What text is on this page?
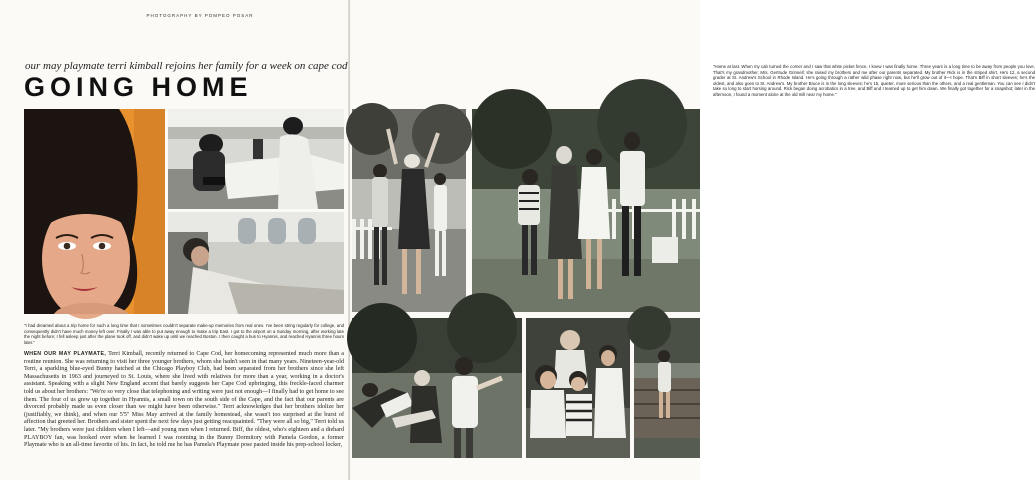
PHOTOGRAPHY BY POMPEO POSAR
our may playmate terri kimball rejoins her family for a week on cape cod
GOING HOME

"I had dreamed about a trip home for such a long time that I sometimes couldn't separate make-up memories from real ones. I've been string regularly for college, and consequently didn't have much money left over. Finally I was able to put away enough to make a trip East. I got to the airport on a Sunday morning, after working late the night before; I fell asleep just after the plane took off, and didn't wake up until we reached Boston. I then caught a bus to Hyannis, and reached Hyannis three hours later."

WHEN OUR MAY PLAYMATE, Terri Kimball, recently returned to Cape Cod, her homecoming represented much more than a routine reunion. She was returning to visit her three younger brothers, whom she hadn't seen in that many years. Nineteen-year-old Terri, a sparkling blue-eyed Bunny hatched at the Chicago Playboy Club, had been separated from her brothers since she left Massachusetts in 1963 and journeyed to St. Louis, where she lived with relatives for more than a year, working in a doctor's assistant. Speaking with a slight New England accent that barely suggests her Cape Cod upbringing, this freckle-faced charmer told us about her brothers: "We're so very close that telephoning and writing were just not enough—I finally had to get home to see them. The four of us grew up together in Hyannis, a small town on the south side of the Cape, and the fact that our parents are divorced probably made us even closer than we might have been otherwise." Terri acknowledges that her brothers idolize her (justifiably, we think), and when our 5'5" Miss May arrived at the family homestead, she wasn't too surprised at the burst of affection that greeted her. Brothers and sister spent the next few days just getting reacquainted. "They were all so big," Terri told us later. "My brothers were just children when I left—and young men when I returned. Biff, the oldest, who's eighteen and a diehard PLAYBOY fan, was hooked over when he learned I was rooming in the Bunny Dormitory with Pamela Gordon, a former Playmate who is an all-time favorite of his. In fact, he told me he has Pamela's Playmate pose pasted inside his prep-school locker,

"Home at last. When my cab turned the corner and I saw that white picket fence, I knew I was finally home. Three years is a long time to be away from people you love. That's my grandmother, Mrs. Gertrude Grinnell; she raised my brothers and me after our parents separated. My brother Rick is in the striped shirt. He's 12, a second grader at St. Andrew's School in Rhode Island. He's going through a rather wild phase right now, but he'll grow out of it—I hope. That's Biff in short sleeves; he's the oldest, and also goes to St. Andrew's. My brother Bruce is in the long sleeves; he's 15, quieter, more serious than the others, and a real gentleman. You can see I didn't take so long to start horsing around. Rick began doing acrobatics in a tree, and Biff and I teamed up to get him down. We finally got together for a snapshot; later in the afternoon, I found a moment alone at the old mill near my home."
